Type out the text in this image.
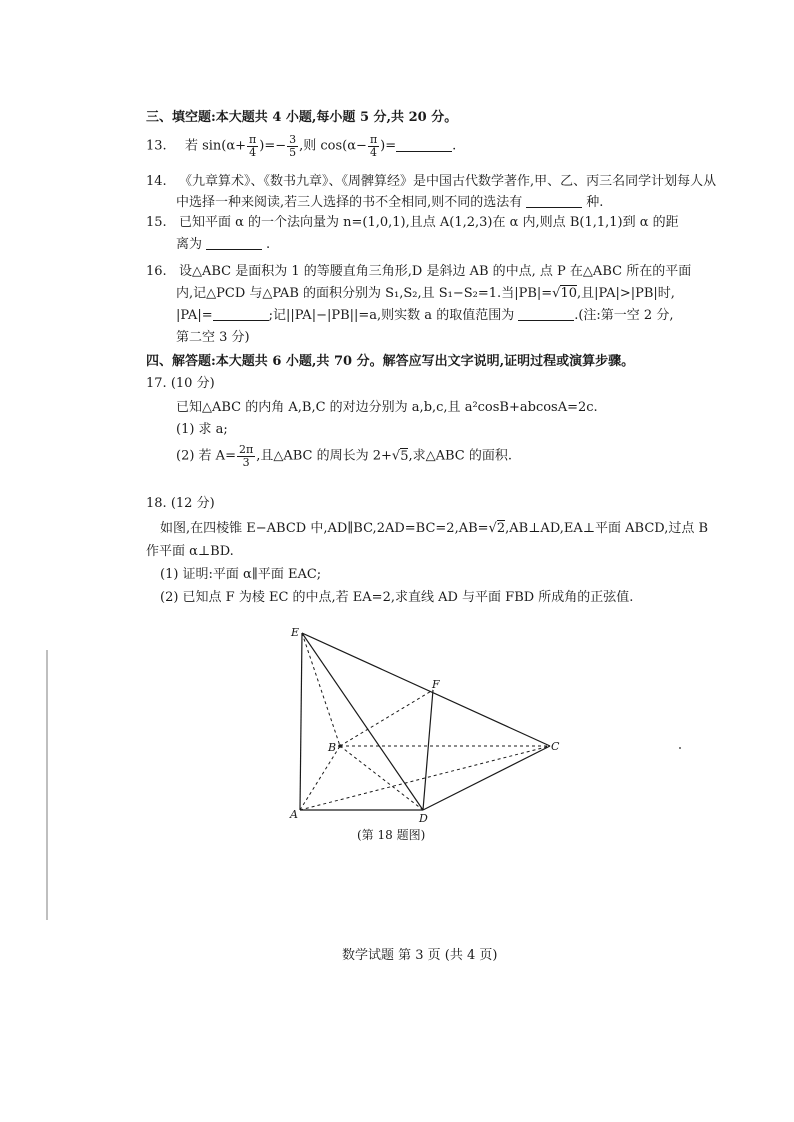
三、填空题:本大题共 4 小题,每小题 5 分,共 20 分。
13. 若 $\sin(\alpha+ \frac{\pi}{4}$ )=− $\frac{3}{5}$ ,则 $\cos(\alpha- \frac{\pi}{4}$ )=	.
14. 《九章算术》、《数书九章》、《周髀算经》是中国古代数学著作,甲、乙、丙三名同学计划每人从
中选择一种来阅读,若三人选择的书不全相同,则不同的选法有	种.
15. 已知平面 α 的一个法向量为 n=(1,0,1),且点 A(1,2,3)在 α 内,则点 B(1,1,1)到 α 的距
离为	.
16. 设△ABC 是面积为 1 的等腰直角三角形,D 是斜边 AB 的中点, 点 P 在△ABC 所在的平面
内,记△PCD 与△PAB 的面积分别为 S₁,S₂,且 S₁−S₂=1.当|PB|=√10,且|PA|>|PB|时,
|PA|=	;记||PA|−|PB||=a,则实数 a 的取值范围为	.(注:第一空 2 分,
第二空 3 分)
四、解答题:本大题共 6 小题,共 70 分。解答应写出文字说明,证明过程或演算步骤。
17. (10 分)
已知△ABC 的内角 A,B,C 的对边分别为 a,b,c,且 a²cosB+abcosA=2c.
(1) 求 a;
(2) 若 $A= \frac{2\pi}{3}$ ,且△ABC 的周长为 2+√5,求△ABC 的面积.
18. (12 分)
如图,在四棱锥 E−ABCD 中,AD∥BC,2AD=BC=2,AB=√2,AB⊥AD,EA⊥平面 ABCD,过点 B
作平面 α⊥BD.
(1) 证明:平面 α∥平面 EAC;
(2) 已知点 F 为棱 EC 的中点,若 EA=2,求直线 AD 与平面 FBD 所成角的正弦值.
E
F
B	C
A	D
(第 18 题图)
数学试题 第 3 页 (共 4 页)
